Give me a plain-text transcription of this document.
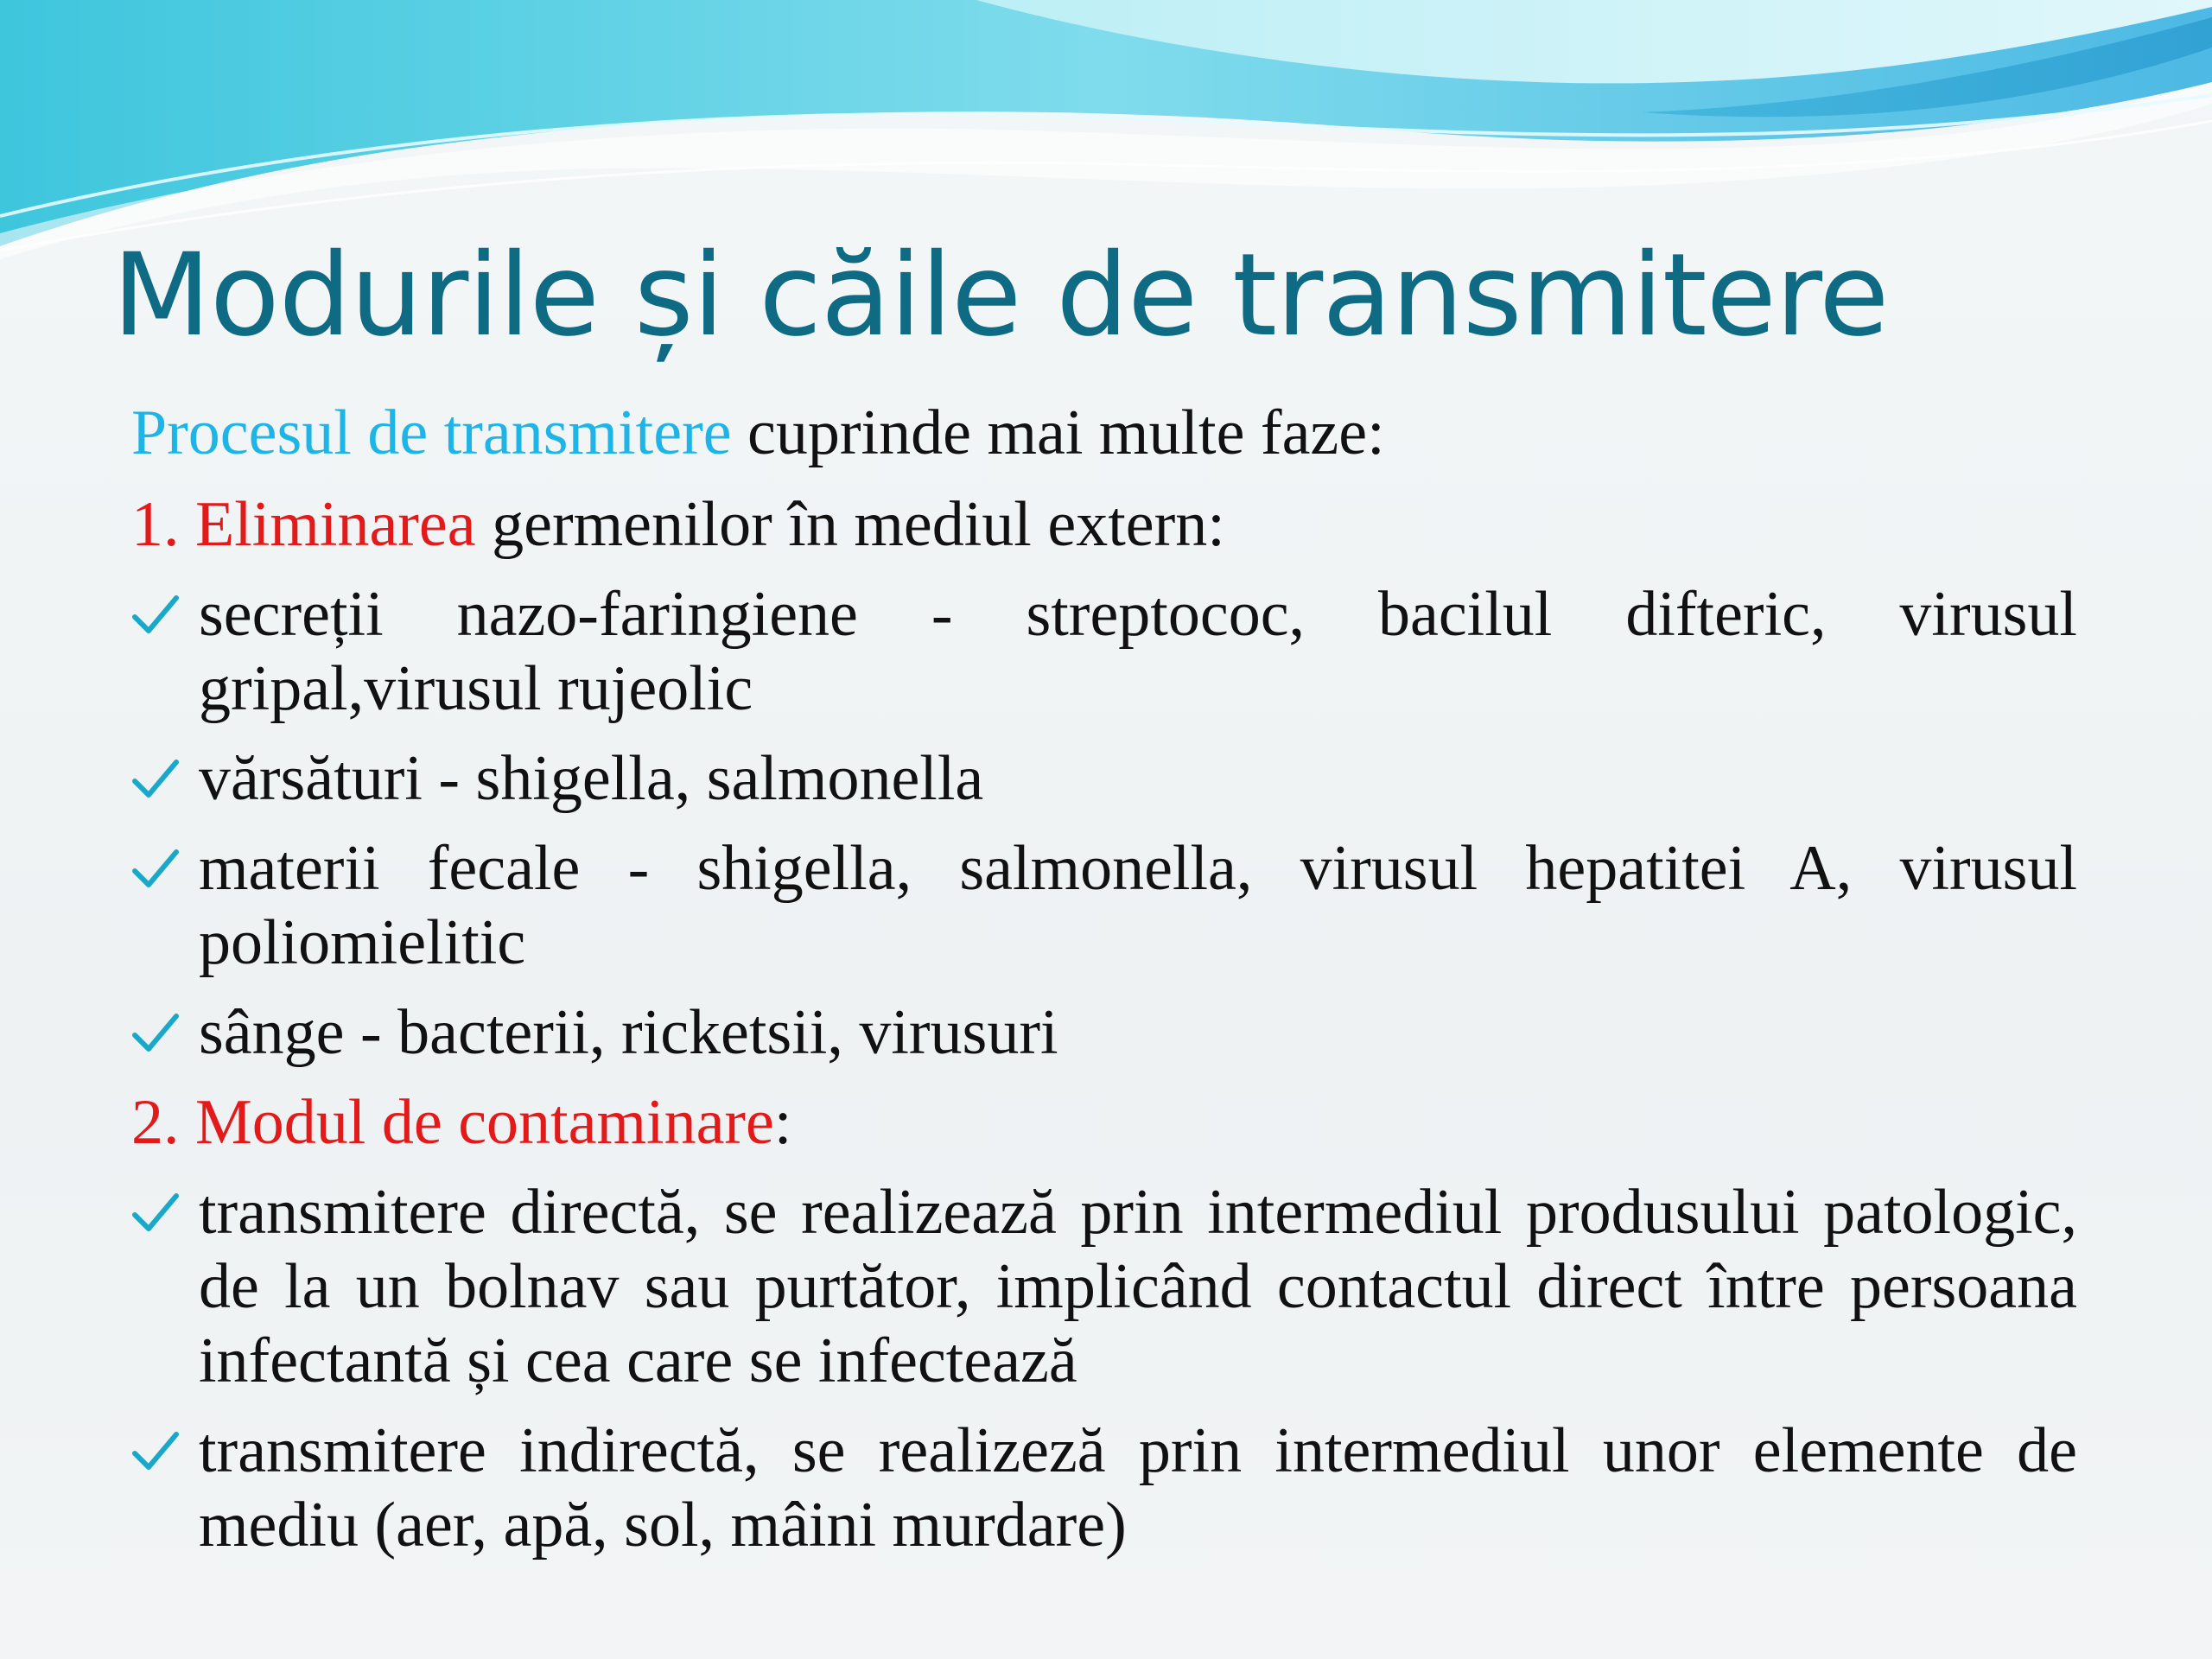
Modurile și căile de transmitere

Procesul de transmitere cuprinde mai multe faze:

1. Eliminarea germenilor în mediul extern:

secreții nazo-faringiene - streptococ, bacilul difteric, virusul gripal,virusul rujeolic

vărsături - shigella, salmonella

materii fecale - shigella, salmonella, virusul hepatitei A, virusul poliomielitic

sânge - bacterii, ricketsii, virusuri

2. Modul de contaminare:

transmitere directă, se realizează prin intermediul produsului patologic, de la un bolnav sau purtător, implicând contactul direct între persoana infectantă și cea care se infectează

transmitere indirectă, se realizeză prin intermediul unor elemente de mediu (aer, apă, sol, mâini murdare)
